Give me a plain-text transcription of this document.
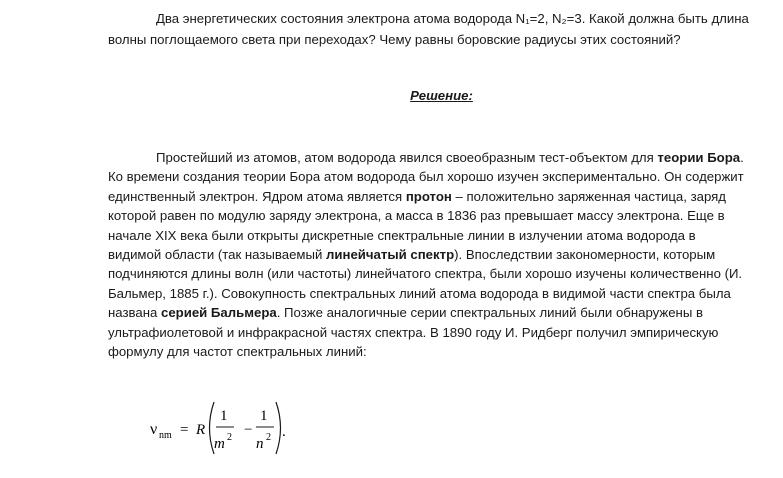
Два энергетических состояния электрона атома водорода N₁=2, N₂=3. Какой должна быть длина волны поглощаемого света при переходах? Чему равны боровские радиусы этих состояний?

Решение:

Простейший из атомов, атом водорода явился своеобразным тест-объектом для теории Бора. Ко времени создания теории Бора атом водорода был хорошо изучен экспериментально. Он содержит единственный электрон. Ядром атома является протон – положительно заряженная частица, заряд которой равен по модулю заряду электрона, а масса в 1836 раз превышает массу электрона. Еще в начале XIX века были открыты дискретные спектральные линии в излучении атома водорода в видимой области (так называемый линейчатый спектр). Впоследствии закономерности, которым подчиняются длины волн (или частоты) линейчатого спектра, были хорошо изучены количественно (И. Бальмер, 1885 г.). Совокупность спектральных линий атома водорода в видимой части спектра была названа серией Бальмера. Позже аналогичные серии спектральных линий были обнаружены в ультрафиолетовой и инфракрасной частях спектра. В 1890 году И. Ридберг получил эмпирическую формулу для частот спектральных линий:

ν nm = R
1
m 2 −
1
n 2 .
